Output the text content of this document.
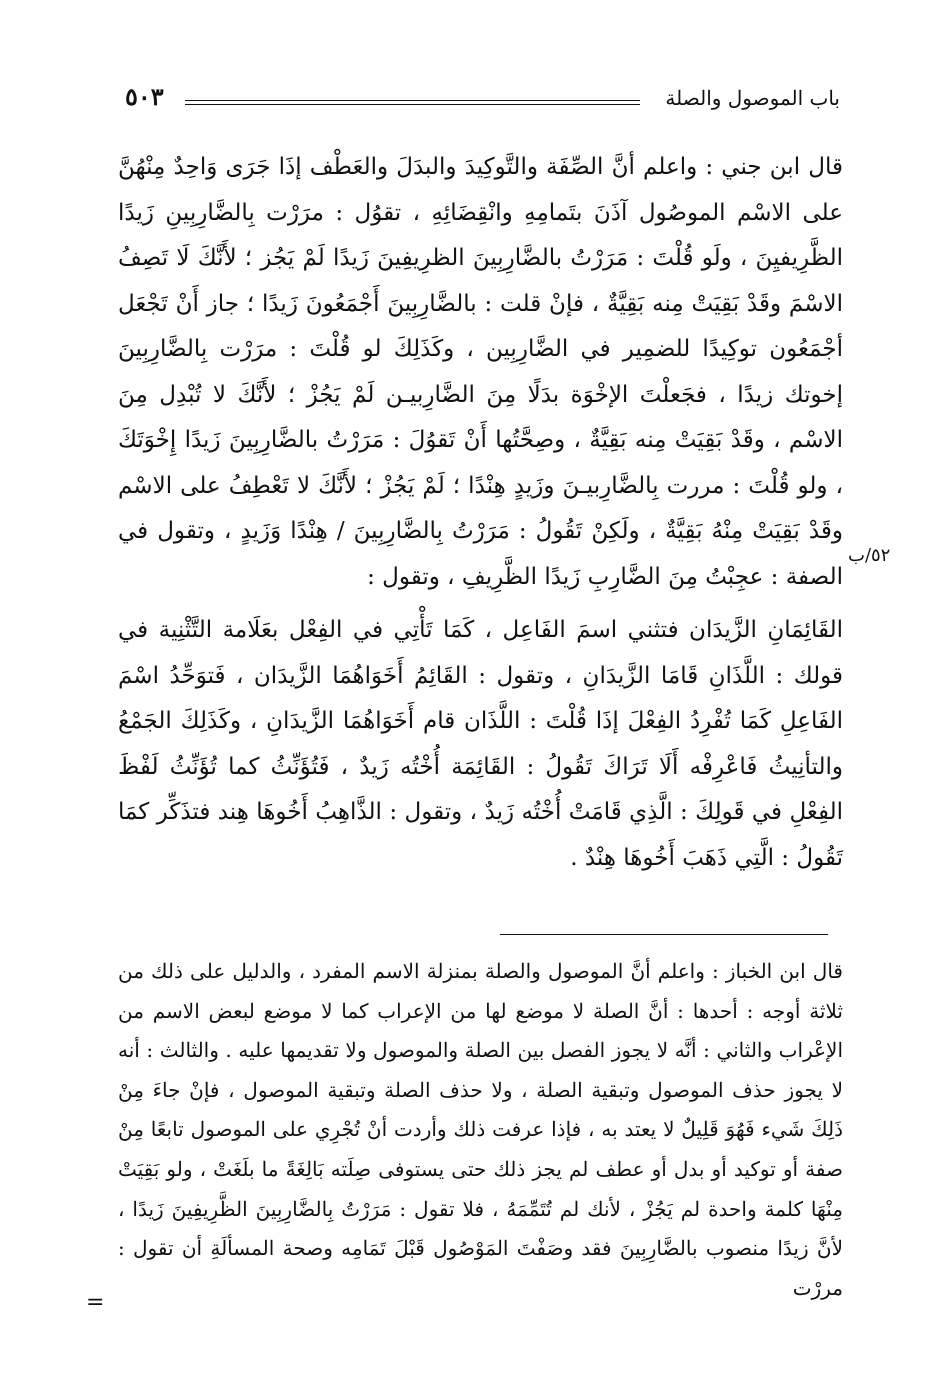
باب الموصول والصلة
٥٠٣

قال ابن جني : واعلم أنَّ الصِّفَة والتَّوكِيدَ والبدَلَ والعَطْف إذَا جَرَى وَاحِدٌ مِنْهُنَّ على الاسْم الموصُول آذَنَ بتَمامِهِ وانْقِضَائِهِ ، تقوُل : مرَرْت بِالضَّارِبِينِ زَيدًا الظَّرِيفيِنَ ، ولَو قُلْتَ : مَرَرْتُ بالضَّارِبِينَ الظرِيفِينَ زَيدًا لَمْ يَجُز ؛ لأَنَّكَ لَا تَصِفُ الاسْمَ وقَدْ بَقِيَتْ مِنه بَقِيَّةٌ ، فإنْ قلت : بالضَّارِبِينَ أَجْمَعُونَ زَيدًا ؛ جاز أَنْ تَجْعَل أجْمَعُون توكِيدًا للضمِير في الضَّارِبِين ، وكَذَلِكَ لو قُلْتَ : مرَرْت بِالضَّارِبِينَ إخوتك زيدًا ، فجَعلْتَ الإخْوَة بدَلًا مِنَ الضَّارِبيـن لَمْ يَجُزْ ؛ لأَنَّكَ لا تُبْدِل مِنَ الاسْم ، وقَدْ بَقِيَتْ مِنه بَقِيَّةٌ ، وصِحَّتُها أَنْ تَقوُلَ : مَرَرْتُ بالضَّارِبِينَ زَيدًا إِخْوَتَكَ ، ولو قُلْتَ : مررت بِالضَّارِبيـنَ وزَيدٍ هِنْدًا ؛ لَمْ يَجُزْ ؛ لأَنَّكَ لا تَعْطِفُ على الاسْم وقَدْ بَقِيَتْ مِنْهُ بَقِيَّةٌ ، ولَكِنْ تَقُولُ : مَرَرْتُ بِالضَّارِبِينَ / هِنْدًا وَزَيدٍ ، وتقول في الصفة : عجِبْتُ مِنَ الضَّارِبِ زَيدًا الظَّرِيفِ ، وتقول :

القَائِمَانِ الزَّيدَان فتثني اسمَ الفَاعِل ، كَمَا تَأْتِي في الفِعْل بعَلَامة التَّثْنِية في قولك : اللَّذَانِ قَامَا الزَّيدَانِ ، وتقول : القَائِمُ أَخَوَاهُمَا الزَّيدَان ، فَتوَحِّدُ اسْمَ الفَاعِلِ كَمَا تُفْرِدُ الفِعْلَ إذَا قُلْتَ : اللَّذَان قام أَخَوَاهُمَا الزَّيدَانِ ، وكَذَلِكَ الجَمْعُ والتأنِيثُ فَاعْرِفْه أَلَا تَرَاكَ تَقُولُ : القَائِمَة أُخْتُه زَيدٌ ، فَتُؤَنِّثُ كما تُؤَنِّثُ لَفْظَ الفِعْلِ في قَولِكَ : الَّذِي قَامَتْ أُخْتُه زَيدٌ ، وتقول : الذَّاهِبُ أَخُوهَا هِند فتذَكِّر كمَا تَقُولُ : الَّتِي ذَهَبَ أَخُوهَا هِنْدٌ .

٥٢/ب

قال ابن الخباز : واعلم أنَّ الموصول والصلة بمنزلة الاسم المفرد ، والدليل على ذلك من ثلاثة أوجه : أحدها : أنَّ الصلة لا موضع لها من الإعراب كما لا موضع لبعض الاسم من الإعْراب والثاني : أنَّه لا يجوز الفصل بين الصلة والموصول ولا تقديمها عليه . والثالث : أنه لا يجوز حذف الموصول وتبقية الصلة ، ولا حذف الصلة وتبقية الموصول ، فإنْ جاءَ مِنْ ذَلِكَ شَيء فَهُوَ قَلِيلٌ لا يعتد به ، فإذا عرفت ذلك وأردت أنْ تُجْرِي على الموصول تابعًا مِنْ صفة أو توكيد أو بدل أو عطف لم يجز ذلك حتى يستوفى صِلَته بَالِغَةً ما بلَغَتْ ، ولو بَقِيَتْ مِنْهَا كلمة واحدة لم يَجُزْ ، لأنك لم تُتَمِّمَهُ ، فلا تقول : مَرَرْتُ بِالضَّارِبِينَ الظَّرِيفِينَ زَيدًا ، لأنَّ زيدًا منصوب بالضَّارِبِينَ فقد وصَفْتَ المَوْصُول قَبْلَ تَمَامِه وصحة المسألَةِ أن تقول : مررْت

=
